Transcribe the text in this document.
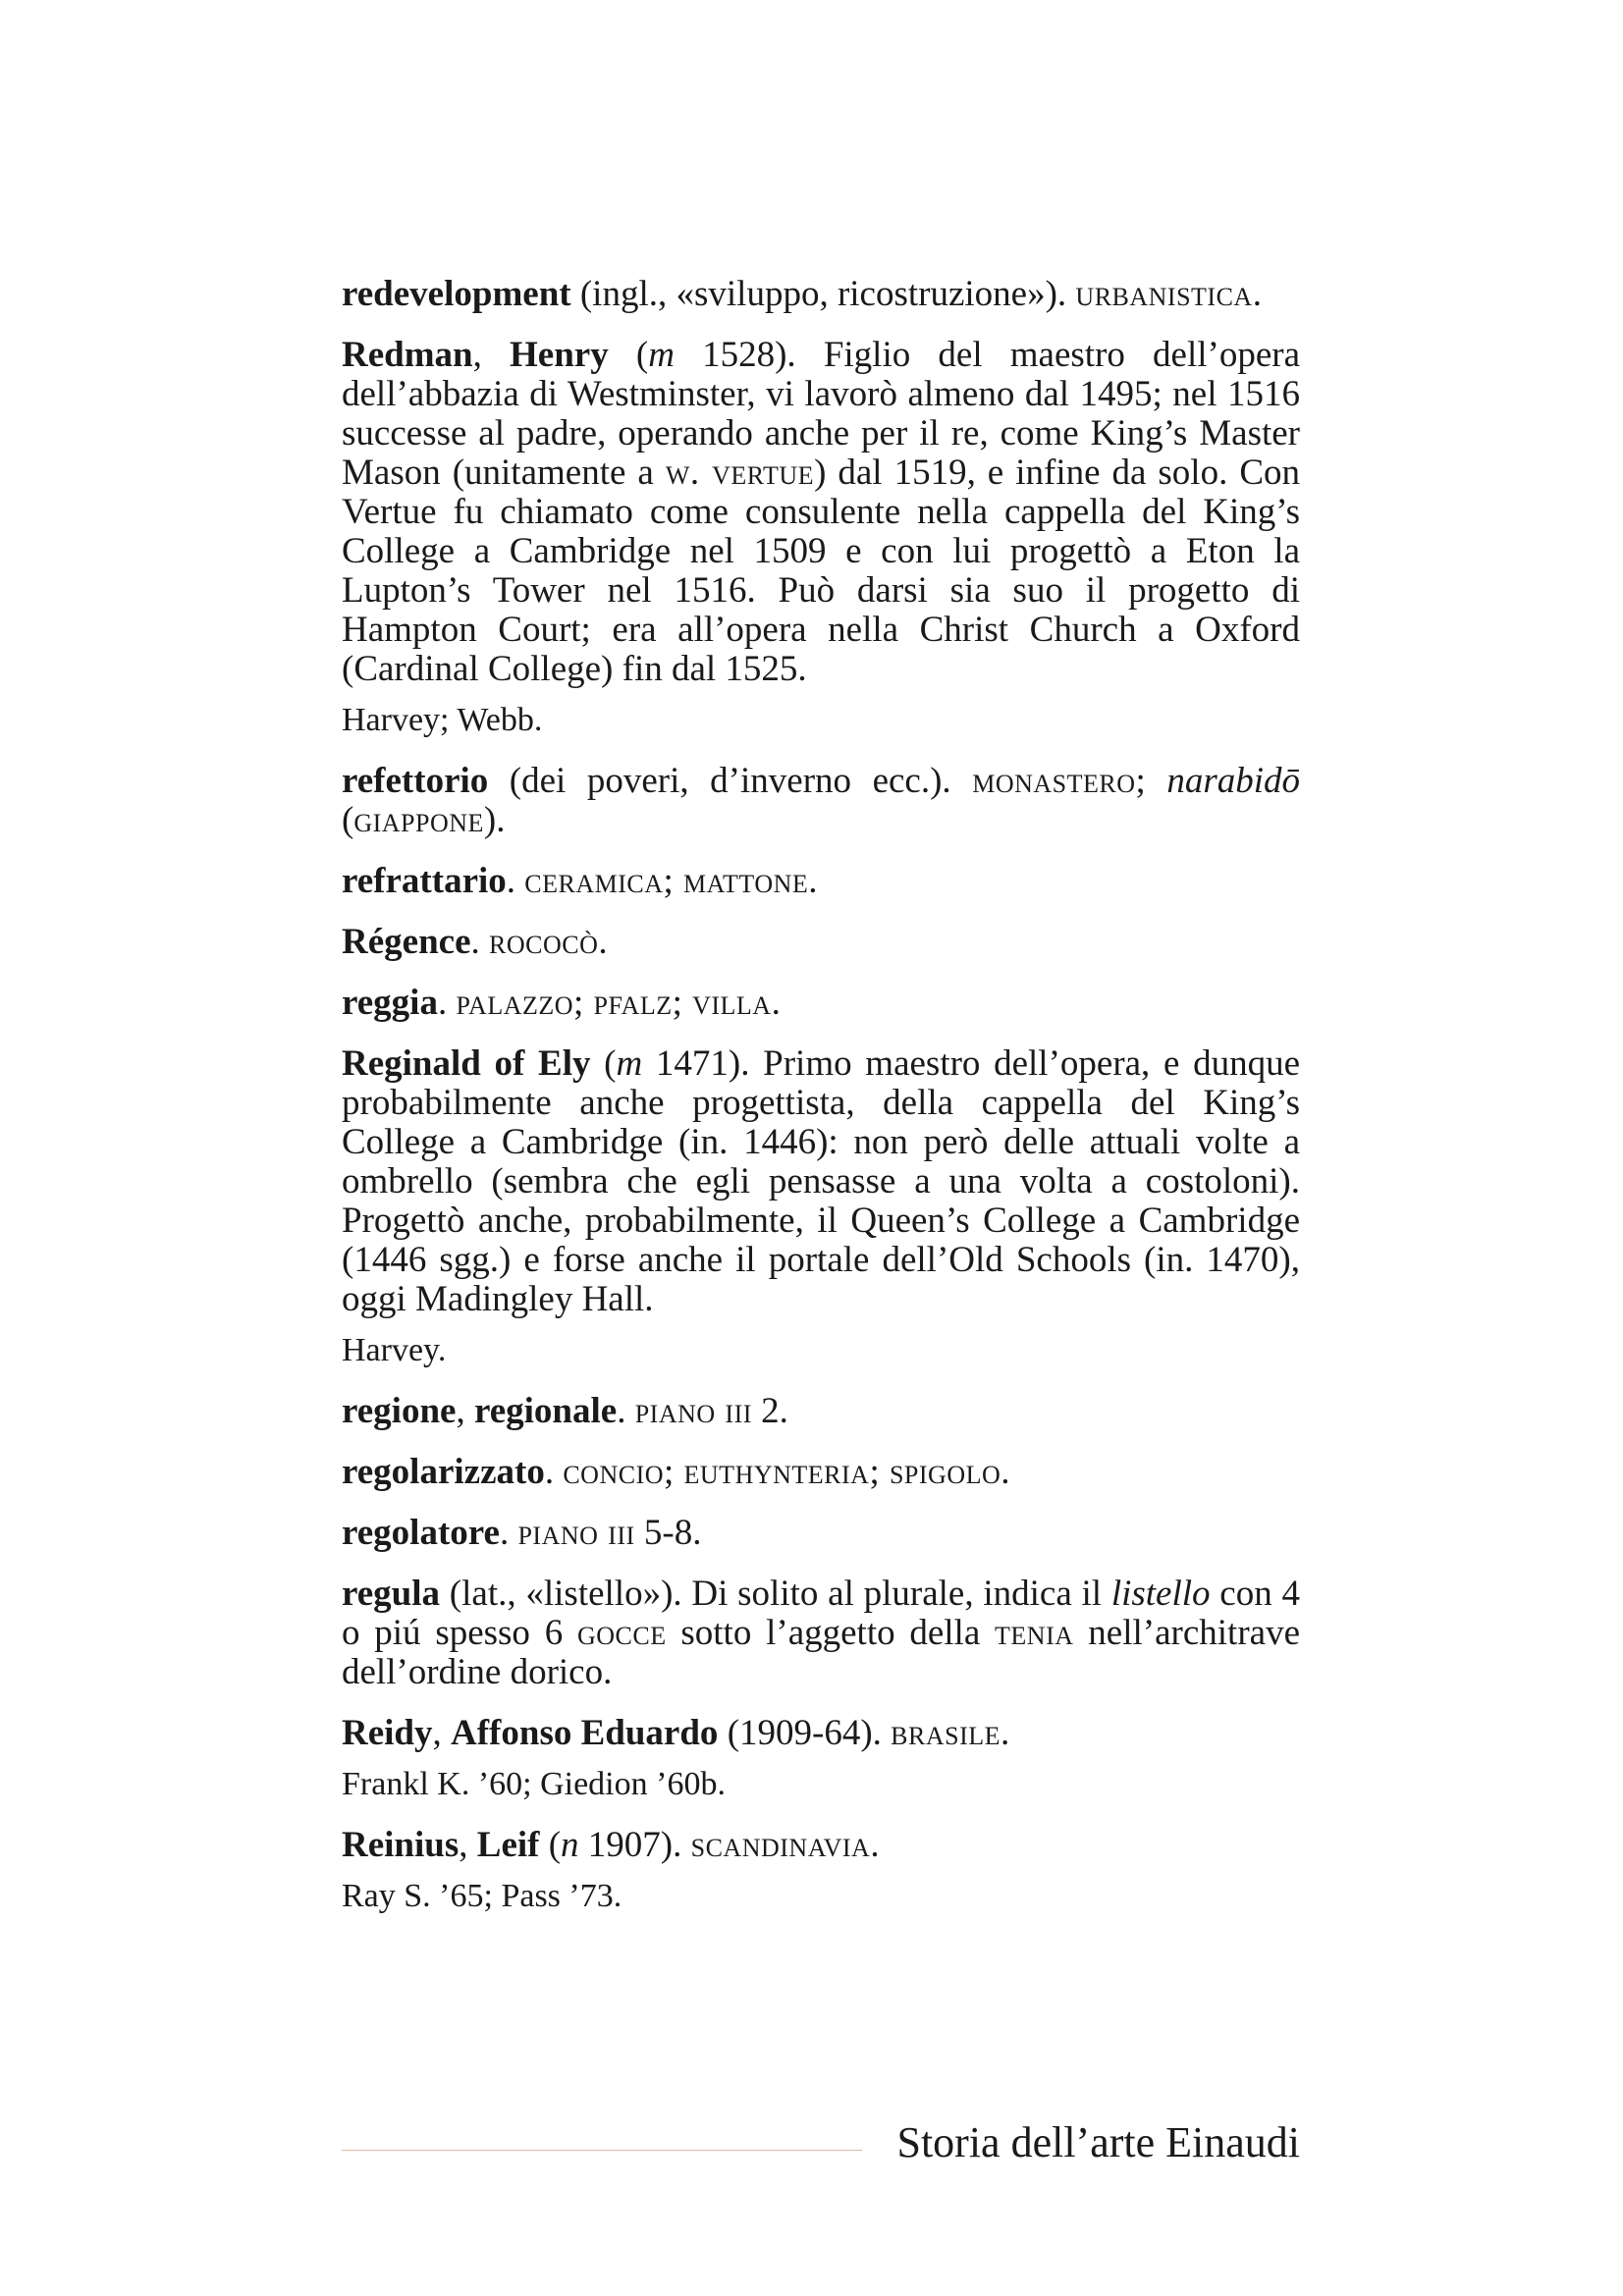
redevelopment (ingl., «sviluppo, ricostruzione»). urbanistica.

Redman, Henry (m 1528). Figlio del maestro dell’opera dell’abbazia di Westminster, vi lavorò almeno dal 1495; nel 1516 successe al padre, operando anche per il re, come King’s Master Mason (unitamente a w. vertue) dal 1519, e infine da solo. Con Vertue fu chiamato come consulente nella cappella del King’s College a Cambridge nel 1509 e con lui progettò a Eton la Lupton’s Tower nel 1516. Può darsi sia suo il progetto di Hampton Court; era all’opera nella Christ Church a Oxford (Cardinal College) fin dal 1525.

Harvey; Webb.

refettorio (dei poveri, d’inverno ecc.). monastero; narabidō (giappone).

refrattario. ceramica; mattone.

Régence. rococò.

reggia. palazzo; pfalz; villa.

Reginald of Ely (m 1471). Primo maestro dell’opera, e dunque probabilmente anche progettista, della cappella del King’s College a Cambridge (in. 1446): non però delle attuali volte a ombrello (sembra che egli pensasse a una volta a costoloni). Progettò anche, probabilmente, il Queen’s College a Cambridge (1446 sgg.) e forse anche il portale dell’Old Schools (in. 1470), oggi Madingley Hall.

Harvey.

regione, regionale. piano iii 2.

regolarizzato. concio; euthynteria; spigolo.

regolatore. piano iii 5-8.

regula (lat., «listello»). Di solito al plurale, indica il listello con 4 o piú spesso 6 gocce sotto l’aggetto della tenia nell’architrave dell’ordine dorico.

Reidy, Affonso Eduardo (1909-64). brasile.

Frankl K. ’60; Giedion ’60b.

Reinius, Leif (n 1907). scandinavia.

Ray S. ’65; Pass ’73.

Storia dell’arte Einaudi
